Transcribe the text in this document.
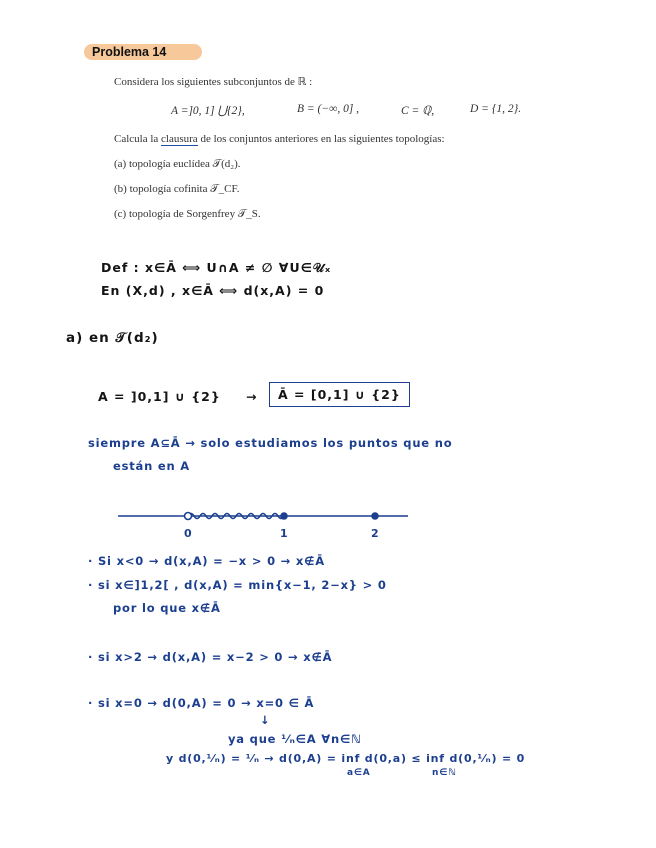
Problema 14
Considera los siguientes subconjuntos de ℝ :
A =]0, 1] ⋃{2},	B = (−∞, 0] ,	C = ℚ,	D = {1, 2}.
Calcula la clausura de los conjuntos anteriores en las siguientes topologías:
(a) topología euclídea 𝒯(d₂).
(b) topología cofinita 𝒯_CF.
(c) topología de Sorgenfrey 𝒯_S.
Def : x∈Ā ⟺ U∩A ≠ ∅ ∀U∈𝒰ₓ
En (X,d) , x∈Ā ⟺ d(x,A) = 0
a) en 𝒯(d₂)
A = ]0,1] ∪ {2} →	Ā = [0,1] ∪ {2}
siempre A⊆Ā → solo estudiamos los puntos que no
están en A
0	1	2
· Si x<0 → d(x,A) = −x > 0 → x∉Ā
· si x∈]1,2[ , d(x,A) = min{x−1, 2−x} > 0
por lo que x∉Ā
· si x>2 → d(x,A) = x−2 > 0 → x∉Ā
· si x=0 → d(0,A) = 0 → x=0 ∈ Ā
↓
ya que ¹⁄ₙ∈A ∀n∈ℕ
y d(0,¹⁄ₙ) = ¹⁄ₙ → d(0,A) = inf d(0,a) ≤ inf d(0,¹⁄ₙ) = 0
a∈A	n∈ℕ
